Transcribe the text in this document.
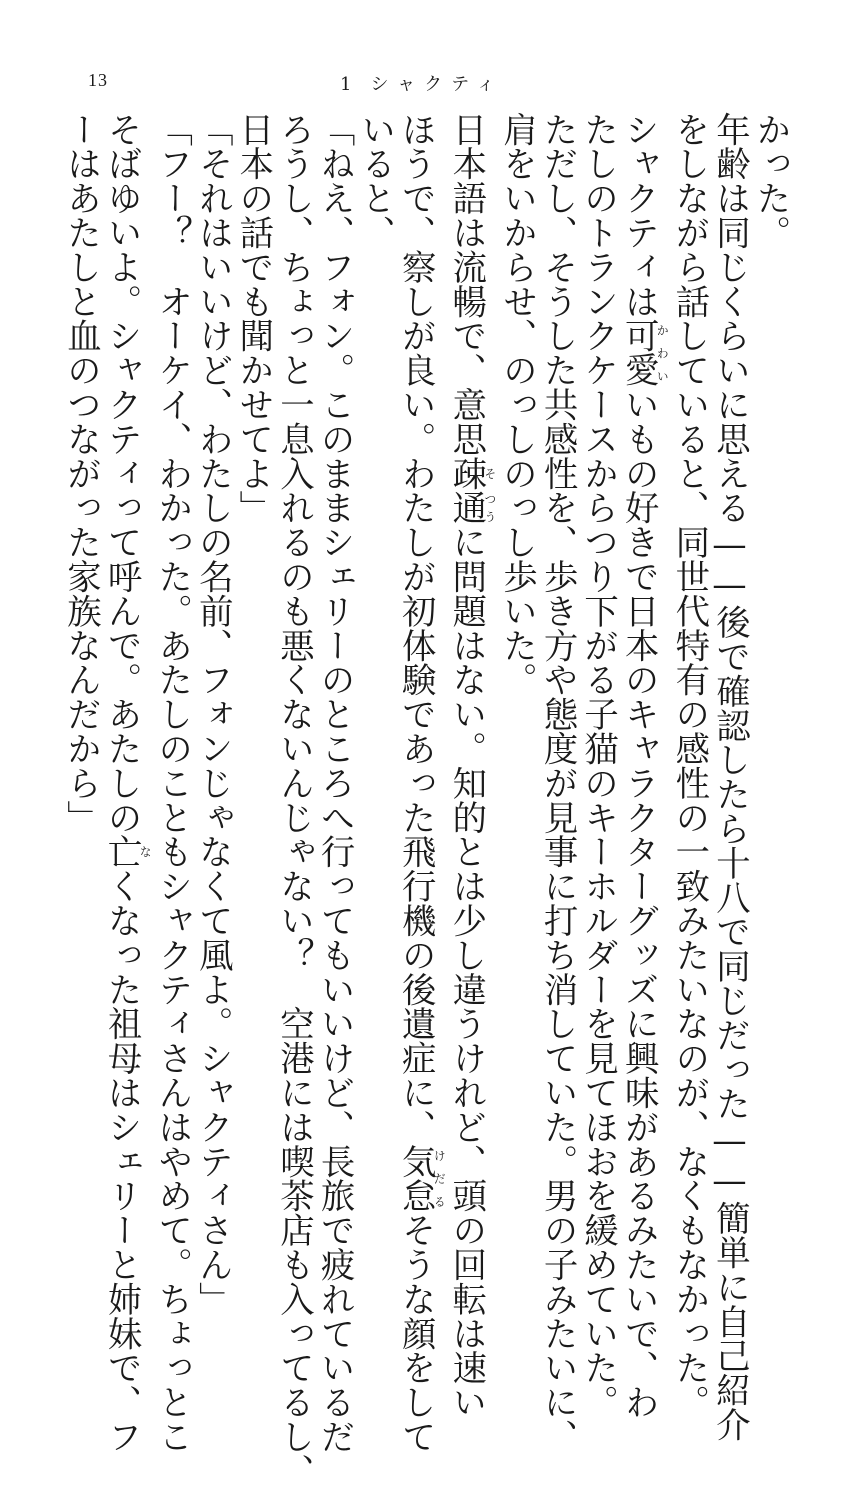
13	1 シャクティ
かった。
年齢は同じくらいに思える——後で確認したら十八で同じだった——簡単に自己紹介
をしながら話していると、同世代特有の感性の一致みたいなのが、なくもなかった。
シャクティは可愛かわいいもの好きで日本のキャラクターグッズに興味があるみたいで、わ
たしのトランクケースからつり下がる子猫のキーホルダーを見てほおを緩めていた。
ただし、そうした共感性を、歩き方や態度が見事に打ち消していた。男の子みたいに、
肩をいからせ、のっしのっし歩いた。
日本語は流暢で、意思疎そ通つうに問題はない。知的とは少し違うけれど、頭の回転は速い
ほうで、察しが良い。わたしが初体験であった飛行機の後遺症に、気怠けだるそうな顔をして
いると、
「ねえ、フォン。このままシェリーのところへ行ってもいいけど、長旅で疲れているだ
ろうし、ちょっと一息入れるのも悪くないんじゃない？　空港には喫茶店も入ってるし、
日本の話でも聞かせてよ」
「それはいいけど、わたしの名前、フォンじゃなくて風よ。シャクティさん」
「フー？　オーケイ、わかった。あたしのこともシャクティさんはやめて。ちょっとこ
そばゆいよ。シャクティって呼んで。あたしの亡なくなった祖母はシェリーと姉妹で、フ
ーはあたしと血のつながった家族なんだから」
